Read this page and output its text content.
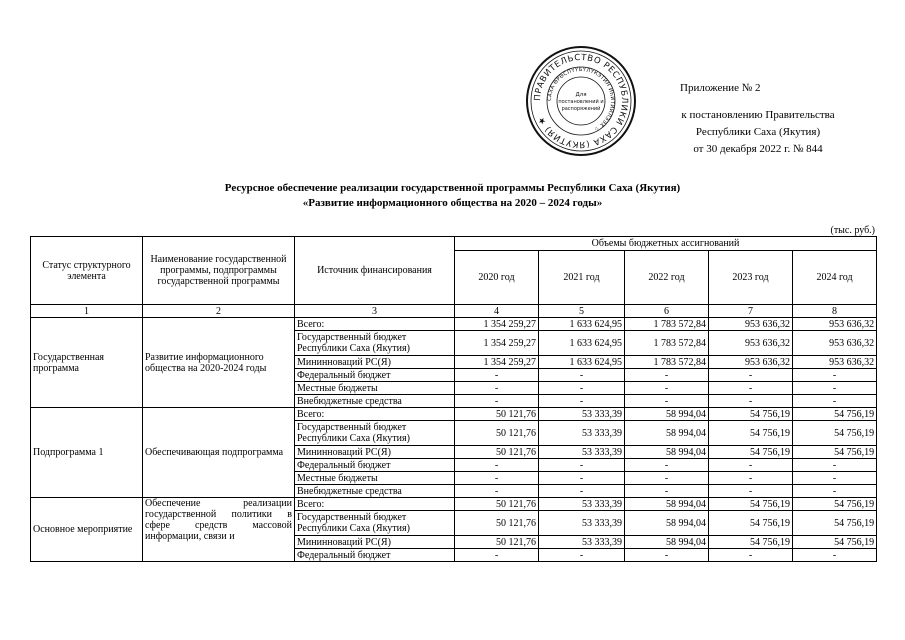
ПРАВИТЕЛЬСТВО РЕСПУБЛИКИ САХА (ЯКУТИЯ) ★
САХА ӨРӨСПҮҮБҮЛҮКЭТИН ИҺИТИИЛЭЭХ ☆
Для
постановлений и
распоряжений
Приложение № 2
к постановлению Правительства
Республики Саха (Якутия)
от 30 декабря 2022 г. № 844
Ресурсное обеспечение реализации государственной программы Республики Саха (Якутия)
«Развитие информационного общества на 2020 – 2024 годы»
(тыс. руб.)
Статус структурного элемента	Наименование государственной программы, подпрограммы государственной программы	Источник финансирования	Объемы бюджетных ассигнований				
			2020 год	2021 год	2022 год	2023 год	2024 год
1	2	3	4	5	6	7	8
Государственная программа	Развитие информационного общества на 2020-2024 годы	Всего:	1 354 259,27	1 633 624,95	1 783 572,84	953 636,32	953 636,32
		Государственный бюджет Республики Саха (Якутия)	1 354 259,27	1 633 624,95	1 783 572,84	953 636,32	953 636,32
		Мининноваций РС(Я)	1 354 259,27	1 633 624,95	1 783 572,84	953 636,32	953 636,32
		Федеральный бюджет	-	-	-	-	-
		Местные бюджеты	-	-	-	-	-
		Внебюджетные средства	-	-	-	-	-
Подпрограмма 1	Обеспечивающая подпрограмма	Всего:	50 121,76	53 333,39	58 994,04	54 756,19	54 756,19
		Государственный бюджет Республики Саха (Якутия)	50 121,76	53 333,39	58 994,04	54 756,19	54 756,19
		Мининноваций РС(Я)	50 121,76	53 333,39	58 994,04	54 756,19	54 756,19
		Федеральный бюджет	-	-	-	-	-
		Местные бюджеты	-	-	-	-	-
		Внебюджетные средства	-	-	-	-	-
Основное мероприятие	Обеспечение реализации государственной политики в сфере средств массовой информации, связи и	Всего:	50 121,76	53 333,39	58 994,04	54 756,19	54 756,19
		Государственный бюджет Республики Саха (Якутия)	50 121,76	53 333,39	58 994,04	54 756,19	54 756,19
		Мининноваций РС(Я)	50 121,76	53 333,39	58 994,04	54 756,19	54 756,19
		Федеральный бюджет	-	-	-	-	-
